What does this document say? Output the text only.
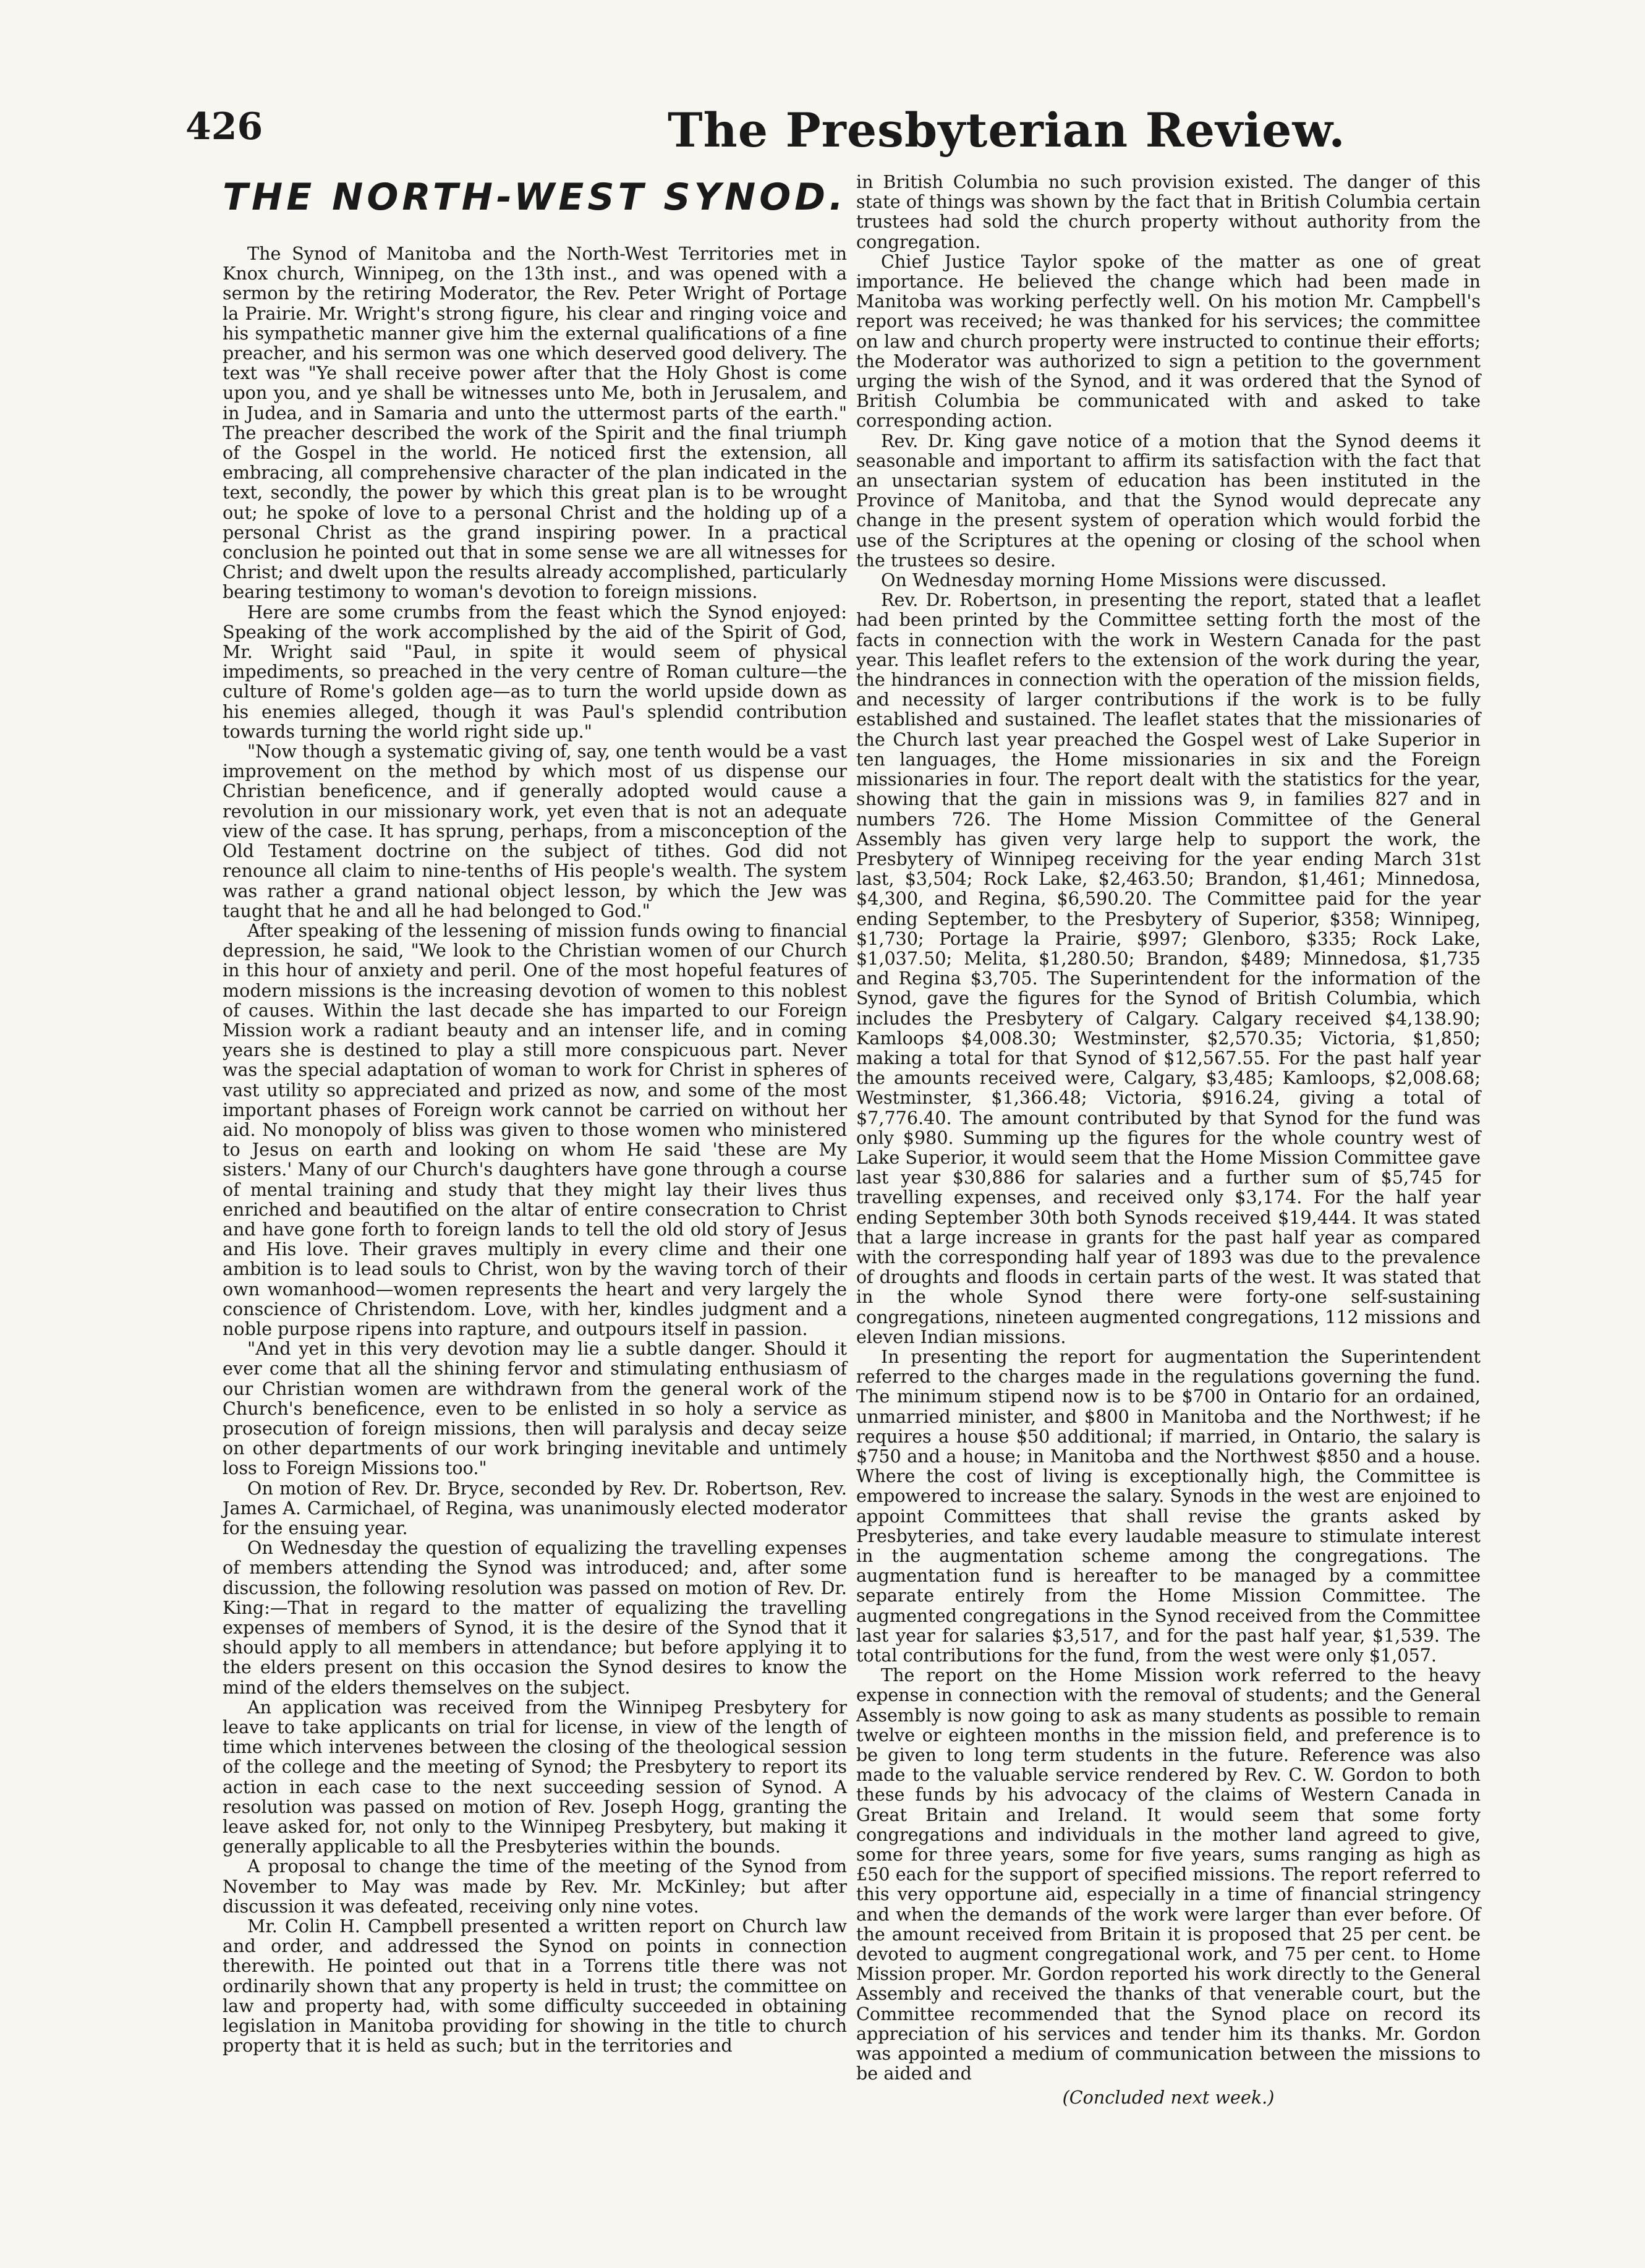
426	The Presbyterian Review.
THE NORTH-WEST SYNOD.

The Synod of Manitoba and the North-West Territories met in Knox church, Winnipeg, on the 13th inst., and was opened with a sermon by the retiring Moderator, the Rev. Peter Wright of Portage la Prairie. Mr. Wright's strong figure, his clear and ringing voice and his sympathetic manner give him the external qualifications of a fine preacher, and his sermon was one which deserved good delivery. The text was "Ye shall receive power after that the Holy Ghost is come upon you, and ye shall be witnesses unto Me, both in Jerusalem, and in Judea, and in Samaria and unto the uttermost parts of the earth." The preacher described the work of the Spirit and the final triumph of the Gospel in the world. He noticed first the extension, all embracing, all comprehensive character of the plan indicated in the text, secondly, the power by which this great plan is to be wrought out; he spoke of love to a personal Christ and the holding up of a personal Christ as the grand inspiring power. In a practical conclusion he pointed out that in some sense we are all witnesses for Christ; and dwelt upon the results already accomplished, particularly bearing testimony to woman's devotion to foreign missions.

Here are some crumbs from the feast which the Synod enjoyed: Speaking of the work accomplished by the aid of the Spirit of God, Mr. Wright said "Paul, in spite it would seem of physical impediments, so preached in the very centre of Roman culture—the culture of Rome's golden age—as to turn the world upside down as his enemies alleged, though it was Paul's splendid contribution towards turning the world right side up."

"Now though a systematic giving of, say, one tenth would be a vast improvement on the method by which most of us dispense our Christian beneficence, and if generally adopted would cause a revolution in our missionary work, yet even that is not an adequate view of the case. It has sprung, perhaps, from a misconception of the Old Testament doctrine on the subject of tithes. God did not renounce all claim to nine-tenths of His people's wealth. The system was rather a grand national object lesson, by which the Jew was taught that he and all he had belonged to God."

After speaking of the lessening of mission funds owing to financial depression, he said, "We look to the Christian women of our Church in this hour of anxiety and peril. One of the most hopeful features of modern missions is the increasing devotion of women to this noblest of causes. Within the last decade she has imparted to our Foreign Mission work a radiant beauty and an intenser life, and in coming years she is destined to play a still more conspicuous part. Never was the special adaptation of woman to work for Christ in spheres of vast utility so appreciated and prized as now, and some of the most important phases of Foreign work cannot be carried on without her aid. No monopoly of bliss was given to those women who ministered to Jesus on earth and looking on whom He said 'these are My sisters.' Many of our Church's daughters have gone through a course of mental training and study that they might lay their lives thus enriched and beautified on the altar of entire consecration to Christ and have gone forth to foreign lands to tell the old old story of Jesus and His love. Their graves multiply in every clime and their one ambition is to lead souls to Christ, won by the waving torch of their own womanhood—women represents the heart and very largely the conscience of Christendom. Love, with her, kindles judgment and a noble purpose ripens into rapture, and outpours itself in passion.

"And yet in this very devotion may lie a subtle danger. Should it ever come that all the shining fervor and stimulating enthusiasm of our Christian women are withdrawn from the general work of the Church's beneficence, even to be enlisted in so holy a service as prosecution of foreign missions, then will paralysis and decay seize on other departments of our work bringing inevitable and untimely loss to Foreign Missions too."

On motion of Rev. Dr. Bryce, seconded by Rev. Dr. Robertson, Rev. James A. Carmichael, of Regina, was unanimously elected moderator for the ensuing year.

On Wednesday the question of equalizing the travelling expenses of members attending the Synod was introduced; and, after some discussion, the following resolution was passed on motion of Rev. Dr. King:—That in regard to the matter of equalizing the travelling expenses of members of Synod, it is the desire of the Synod that it should apply to all members in attendance; but before applying it to the elders present on this occasion the Synod desires to know the mind of the elders themselves on the subject.

An application was received from the Winnipeg Presbytery for leave to take applicants on trial for license, in view of the length of time which intervenes between the closing of the theological session of the college and the meeting of Synod; the Presbytery to report its action in each case to the next succeeding session of Synod. A resolution was passed on motion of Rev. Joseph Hogg, granting the leave asked for, not only to the Winnipeg Presbytery, but making it generally applicable to all the Presbyteries within the bounds.

A proposal to change the time of the meeting of the Synod from November to May was made by Rev. Mr. McKinley; but after discussion it was defeated, receiving only nine votes.

Mr. Colin H. Campbell presented a written report on Church law and order, and addressed the Synod on points in connection therewith. He pointed out that in a Torrens title there was not ordinarily shown that any property is held in trust; the committee on law and property had, with some difficulty succeeded in obtaining legislation in Manitoba providing for showing in the title to church property that it is held as such; but in the territories and

in British Columbia no such provision existed. The danger of this state of things was shown by the fact that in British Columbia certain trustees had sold the church property without authority from the congregation.

Chief Justice Taylor spoke of the matter as one of great importance. He believed the change which had been made in Manitoba was working perfectly well. On his motion Mr. Campbell's report was received; he was thanked for his services; the committee on law and church property were instructed to continue their efforts; the Moderator was authorized to sign a petition to the government urging the wish of the Synod, and it was ordered that the Synod of British Columbia be communicated with and asked to take corresponding action.

Rev. Dr. King gave notice of a motion that the Synod deems it seasonable and important to affirm its satisfaction with the fact that an unsectarian system of education has been instituted in the Province of Manitoba, and that the Synod would deprecate any change in the present system of operation which would forbid the use of the Scriptures at the opening or closing of the school when the trustees so desire.

On Wednesday morning Home Missions were discussed.

Rev. Dr. Robertson, in presenting the report, stated that a leaflet had been printed by the Committee setting forth the most of the facts in connection with the work in Western Canada for the past year. This leaflet refers to the extension of the work during the year, the hindrances in connection with the operation of the mission fields, and necessity of larger contributions if the work is to be fully established and sustained. The leaflet states that the missionaries of the Church last year preached the Gospel west of Lake Superior in ten languages, the Home missionaries in six and the Foreign missionaries in four. The report dealt with the statistics for the year, showing that the gain in missions was 9, in families 827 and in numbers 726. The Home Mission Committee of the General Assembly has given very large help to support the work, the Presbytery of Winnipeg receiving for the year ending March 31st last, $3,504; Rock Lake, $2,463.50; Brandon, $1,461; Minnedosa, $4,300, and Regina, $6,590.20. The Committee paid for the year ending September, to the Presbytery of Superior, $358; Winnipeg, $1,730; Portage la Prairie, $997; Glenboro, $335; Rock Lake, $1,037.50; Melita, $1,280.50; Brandon, $489; Minnedosa, $1,735 and Regina $3,705. The Superintendent for the information of the Synod, gave the figures for the Synod of British Columbia, which includes the Presbytery of Calgary. Calgary received $4,138.90; Kamloops $4,008.30; Westminster, $2,570.35; Victoria, $1,850; making a total for that Synod of $12,567.55. For the past half year the amounts received were, Calgary, $3,485; Kamloops, $2,008.68; Westminster, $1,366.48; Victoria, $916.24, giving a total of $7,776.40. The amount contributed by that Synod for the fund was only $980. Summing up the figures for the whole country west of Lake Superior, it would seem that the Home Mission Committee gave last year $30,886 for salaries and a further sum of $5,745 for travelling expenses, and received only $3,174. For the half year ending September 30th both Synods received $19,444. It was stated that a large increase in grants for the past half year as compared with the corresponding half year of 1893 was due to the prevalence of droughts and floods in certain parts of the west. It was stated that in the whole Synod there were forty-one self-sustaining congregations, nineteen augmented congregations, 112 missions and eleven Indian missions.

In presenting the report for augmentation the Superintendent referred to the charges made in the regulations governing the fund. The minimum stipend now is to be $700 in Ontario for an ordained, unmarried minister, and $800 in Manitoba and the Northwest; if he requires a house $50 additional; if married, in Ontario, the salary is $750 and a house; in Manitoba and the Northwest $850 and a house. Where the cost of living is exceptionally high, the Committee is empowered to increase the salary. Synods in the west are enjoined to appoint Committees that shall revise the grants asked by Presbyteries, and take every laudable measure to stimulate interest in the augmentation scheme among the congregations. The augmentation fund is hereafter to be managed by a committee separate entirely from the Home Mission Committee. The augmented congregations in the Synod received from the Committee last year for salaries $3,517, and for the past half year, $1,539. The total contributions for the fund, from the west were only $1,057.

The report on the Home Mission work referred to the heavy expense in connection with the removal of students; and the General Assembly is now going to ask as many students as possible to remain twelve or eighteen months in the mission field, and preference is to be given to long term students in the future. Reference was also made to the valuable service rendered by Rev. C. W. Gordon to both these funds by his advocacy of the claims of Western Canada in Great Britain and Ireland. It would seem that some forty congregations and individuals in the mother land agreed to give, some for three years, some for five years, sums ranging as high as £50 each for the support of specified missions. The report referred to this very opportune aid, especially in a time of financial stringency and when the demands of the work were larger than ever before. Of the amount received from Britain it is proposed that 25 per cent. be devoted to augment congregational work, and 75 per cent. to Home Mission proper. Mr. Gordon reported his work directly to the General Assembly and received the thanks of that venerable court, but the Committee recommended that the Synod place on record its appreciation of his services and tender him its thanks. Mr. Gordon was appointed a medium of communication between the missions to be aided and

(Concluded next week.)
